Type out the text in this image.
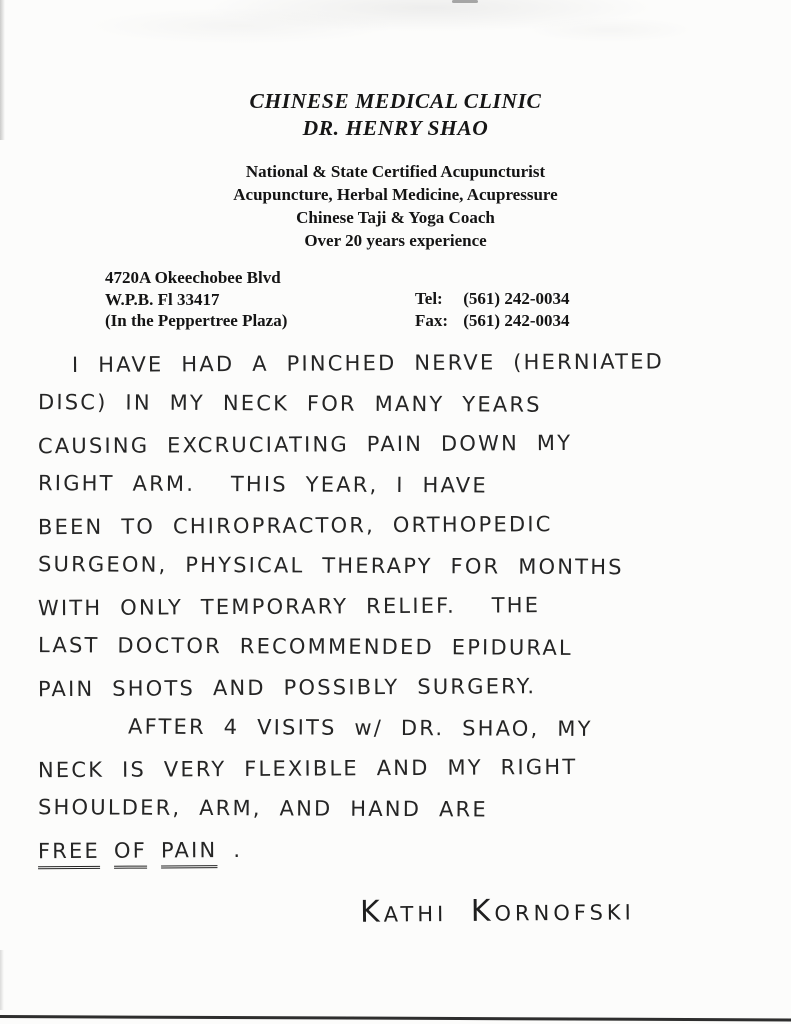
CHINESE MEDICAL CLINIC
DR. HENRY SHAO
National & State Certified Acupuncturist
Acupuncture, Herbal Medicine, Acupressure
Chinese Taji & Yoga Coach
Over 20 years experience
4720A Okeechobee Blvd
W.P.B. Fl 33417
(In the Peppertree Plaza)
Tel: (561) 242-0034
Fax: (561) 242-0034
I HAVE HAD A PINCHED NERVE (HERNIATED
DISC) IN MY NECK FOR MANY YEARS
CAUSING EXCRUCIATING PAIN DOWN MY
RIGHT ARM.  THIS YEAR, I HAVE
BEEN TO CHIROPRACTOR, ORTHOPEDIC
SURGEON, PHYSICAL THERAPY FOR MONTHS
WITH ONLY TEMPORARY RELIEF.  THE
LAST DOCTOR RECOMMENDED EPIDURAL
PAIN SHOTS AND POSSIBLY SURGERY.
AFTER 4 VISITS w/ DR. SHAO, MY
NECK IS VERY FLEXIBLE AND MY RIGHT
SHOULDER, ARM, AND HAND ARE
FREE OF PAIN .
Kathi Kornofski
